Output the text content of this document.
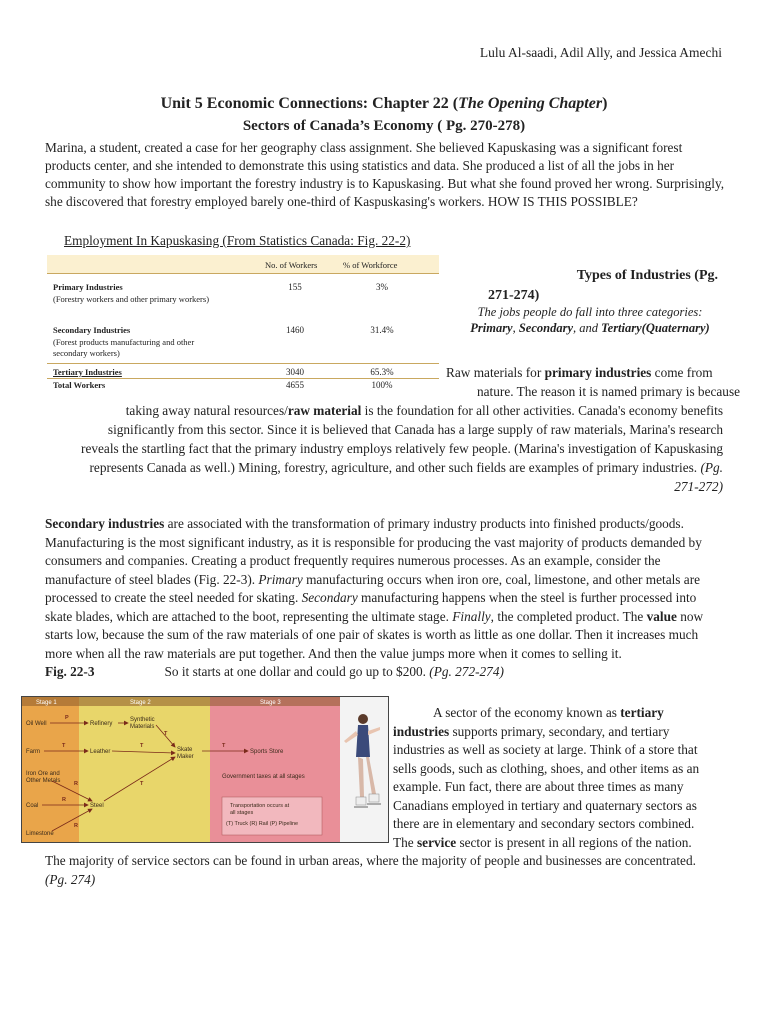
Lulu Al-saadi, Adil Ally, and Jessica Amechi
Unit 5 Economic Connections: Chapter 22 (The Opening Chapter)
Sectors of Canada’s Economy ( Pg. 270-278)
Marina, a student, created a case for her geography class assignment. She believed Kapuskasing was a significant forest products center, and she intended to demonstrate this using statistics and data. She produced a list of all the jobs in her community to show how important the forestry industry is to Kapuskasing. But what she found proved her wrong. Surprisingly, she discovered that forestry employed barely one-third of Kaspuskasing's workers. HOW IS THIS POSSIBLE?
Employment In Kapuskasing (From Statistics Canada: Fig. 22-2)
No. of Workers	% of Workforce
Primary Industries
(Forestry workers and other primary workers)
155	3%
Secondary Industries
(Forest products manufacturing and other secondary workers)
1460	31.4%
Tertiary Industries	3040	65.3%
Total Workers	4655	100%
Types of Industries (Pg.
271-274)
The jobs people do fall into three categories:
Primary, Secondary, and Tertiary(Quaternary)
Raw materials for primary industries come from
nature. The reason it is named primary is because
taking away natural resources/raw material is the foundation for all other activities. Canada's economy benefits
significantly from this sector. Since it is believed that Canada has a large supply of raw materials, Marina's research
reveals the startling fact that the primary industry employs relatively few people. (Marina's investigation of Kapuskasing
represents Canada as well.) Mining, forestry, agriculture, and other such fields are examples of primary industries. (Pg.
271-272)
Secondary industries are associated with the transformation of primary industry products into finished products/goods. Manufacturing is the most significant industry, as it is responsible for producing the vast majority of products demanded by consumers and companies. Creating a product frequently requires numerous processes. As an example, consider the manufacture of steel blades (Fig. 22-3). Primary manufacturing occurs when iron ore, coal, limestone, and other metals are processed to create the steel needed for skating. Secondary manufacturing happens when the steel is further processed into skate blades, which are attached to the boot, representing the ultimate stage. Finally, the completed product. The value now starts low, because the sum of the raw materials of one pair of skates is worth as little as one dollar. Then it increases much more when all the raw materials are put together. And then the value jumps more when it comes to selling it.Fig. 22-3	So it starts at one dollar and could go up to $200. (Pg. 272-274)
Stage 1	Stage 2	Stage 3
Oil Well
Farm
Iron Ore and
Other Metals
Coal
Limestone
Refinery
Synthetic
Materials
Leather	Skate
Maker
Steel
Sports Store
Government taxes at all stages
Transportation occurs at
all stages
(T) Truck (R) Rail (P) Pipeline
P
T
R
R
R
T
T
T
T
A sector of the economy known as tertiary industries supports primary, secondary, and tertiary industries as well as society at large. Think of a store that sells goods, such as clothing, shoes, and other items as an example. Fun fact, there are about three times as many Canadians employed in tertiary and quaternary sectors as there are in elementary and secondary sectors combined. The service sector is present in all regions of the nation.
The majority of service sectors can be found in urban areas, where the majority of people and businesses are concentrated.
(Pg. 274)
